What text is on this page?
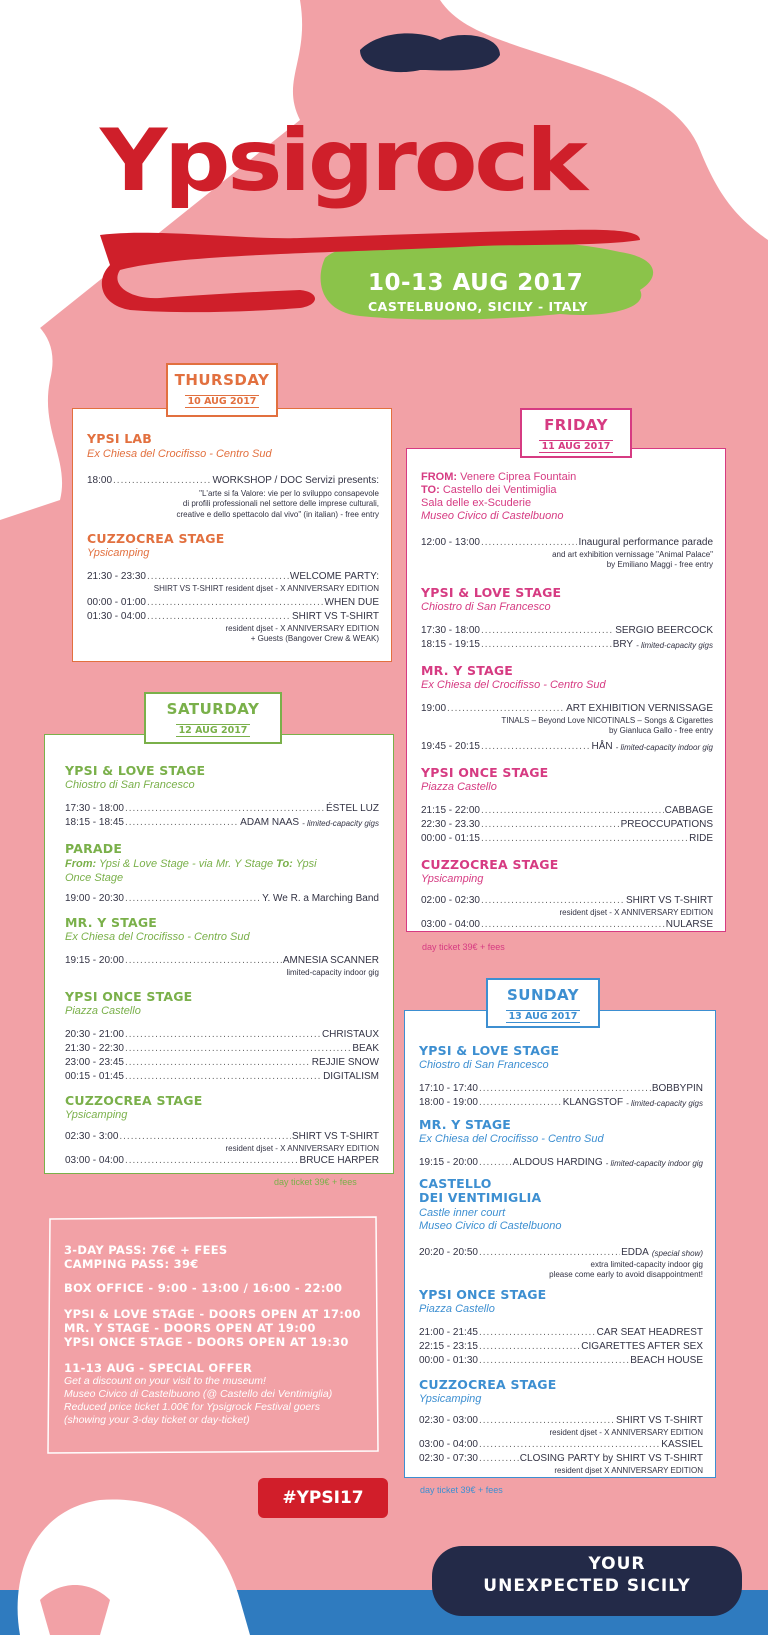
21 ST
EDITION
Ypsigrock
10-13 AUG 2017
CASTELBUONO, SICILY - ITALY
YPSI LAB
Ex Chiesa del Crocifisso - Centro Sud
18:00 .....	WORKSHOP / DOC Servizi presents:
"L'arte si fa Valore: vie per lo sviluppo consapevole
di profili professionali nel settore delle imprese culturali,
creative e dello spettacolo dal vivo" (in italian) - free entry
CUZZOCREA STAGE
Ypsicamping
21:30 - 23:30 .....	WELCOME PARTY:
SHIRT VS T-SHIRT resident djset - X ANNIVERSARY EDITION
00:00 - 01:00 .....	WHEN DUE
01:30 - 04:00 .....	SHIRT VS T-SHIRT
resident djset - X ANNIVERSARY EDITION
+ Guests (Bangover Crew & WEAK)
THURSDAY
10 AUG 2017
FROM: Venere Ciprea Fountain
TO: Castello dei Ventimiglia
Sala delle ex-Scuderie
Museo Civico di Castelbuono
12:00 - 13:00 .....	Inaugural performance parade
and art exhibition vernissage "Animal Palace"
by Emiliano Maggi - free entry
YPSI & LOVE STAGE
Chiostro di San Francesco
17:30 - 18:00 .....	SERGIO BEERCOCK
18:15 - 19:15 .....	BRY - limited-capacity gigs
MR. Y STAGE
Ex Chiesa del Crocifisso - Centro Sud
19:00 .....	ART EXHIBITION VERNISSAGE
TINALS – Beyond Love NICOTINALS – Songs & Cigarettes
by Gianluca Gallo - free entry
19:45 - 20:15 .....	HÅN - limited-capacity indoor gig
YPSI ONCE STAGE
Piazza Castello
21:15 - 22:00 .....	CABBAGE
22:30 - 23.30 .....	PREOCCUPATIONS
00:00 - 01:15 .....	RIDE
CUZZOCREA STAGE
Ypsicamping
02:00 - 02:30 .....	SHIRT VS T-SHIRT
resident djset - X ANNIVERSARY EDITION
03:00 - 04:00 .....	NULARSE
day ticket 39€ + fees
FRIDAY
11 AUG 2017
YPSI & LOVE STAGE
Chiostro di San Francesco
17:30 - 18:00 .....	ÉSTEL LUZ
18:15 - 18:45 .....	ADAM NAAS - limited-capacity gigs
PARADE
From: Ypsi & Love Stage - via Mr. Y Stage To: Ypsi Once Stage
19:00 - 20:30 .....	Y. We R. a Marching Band
MR. Y STAGE
Ex Chiesa del Crocifisso - Centro Sud
19:15 - 20:00 .....	AMNESIA SCANNER
limited-capacity indoor gig
YPSI ONCE STAGE
Piazza Castello
20:30 - 21:00 .....	CHRISTAUX
21:30 - 22:30 .....	BEAK
23:00 - 23:45 .....	REJJIE SNOW
00:15 - 01:45 .....	DIGITALISM
CUZZOCREA STAGE
Ypsicamping
02:30 - 3:00 .....	SHIRT VS T-SHIRT
resident djset - X ANNIVERSARY EDITION
03:00 - 04:00 .....	BRUCE HARPER
day ticket 39€ + fees
SATURDAY
12 AUG 2017
YPSI & LOVE STAGE
Chiostro di San Francesco
17:10 - 17:40 .....	BOBBYPIN
18:00 - 19:00 .....	KLANGSTOF - limited-capacity gigs
MR. Y STAGE
Ex Chiesa del Crocifisso - Centro Sud
19:15 - 20:00 .....	ALDOUS HARDING - limited-capacity indoor gig
CASTELLO
DEI VENTIMIGLIA
Castle inner court
Museo Civico di Castelbuono
20:20 - 20:50 .....	EDDA (special show)
extra limited-capacity indoor gig
please come early to avoid disappointment!
YPSI ONCE STAGE
Piazza Castello
21:00 - 21:45 .....	CAR SEAT HEADREST
22:15 - 23:15 .....	CIGARETTES AFTER SEX
00:00 - 01:30 .....	BEACH HOUSE
CUZZOCREA STAGE
Ypsicamping
02:30 - 03:00 .....	SHIRT VS T-SHIRT
resident djset - X ANNIVERSARY EDITION
03:00 - 04:00 .....	KASSIEL
02:30 - 07:30 .....	CLOSING PARTY by SHIRT VS T-SHIRT
resident djset X ANNIVERSARY EDITION
day ticket 39€ + fees
SUNDAY
13 AUG 2017
3-DAY PASS: 76€ + FEES
CAMPING PASS: 39€
BOX OFFICE - 9:00 - 13:00 / 16:00 - 22:00
YPSI & LOVE STAGE - DOORS OPEN AT 17:00
MR. Y STAGE - DOORS OPEN AT 19:00
YPSI ONCE STAGE - DOORS OPEN AT 19:30
11-13 AUG - SPECIAL OFFER
Get a discount on your visit to the museum!
Museo Civico di Castelbuono (@ Castello dei Ventimiglia)
Reduced price ticket 1.00€ for Ypsigrock Festival goers
(showing your 3-day ticket or day-ticket)
#YPSI17
YOUR
UNEXPECTED SICILY
